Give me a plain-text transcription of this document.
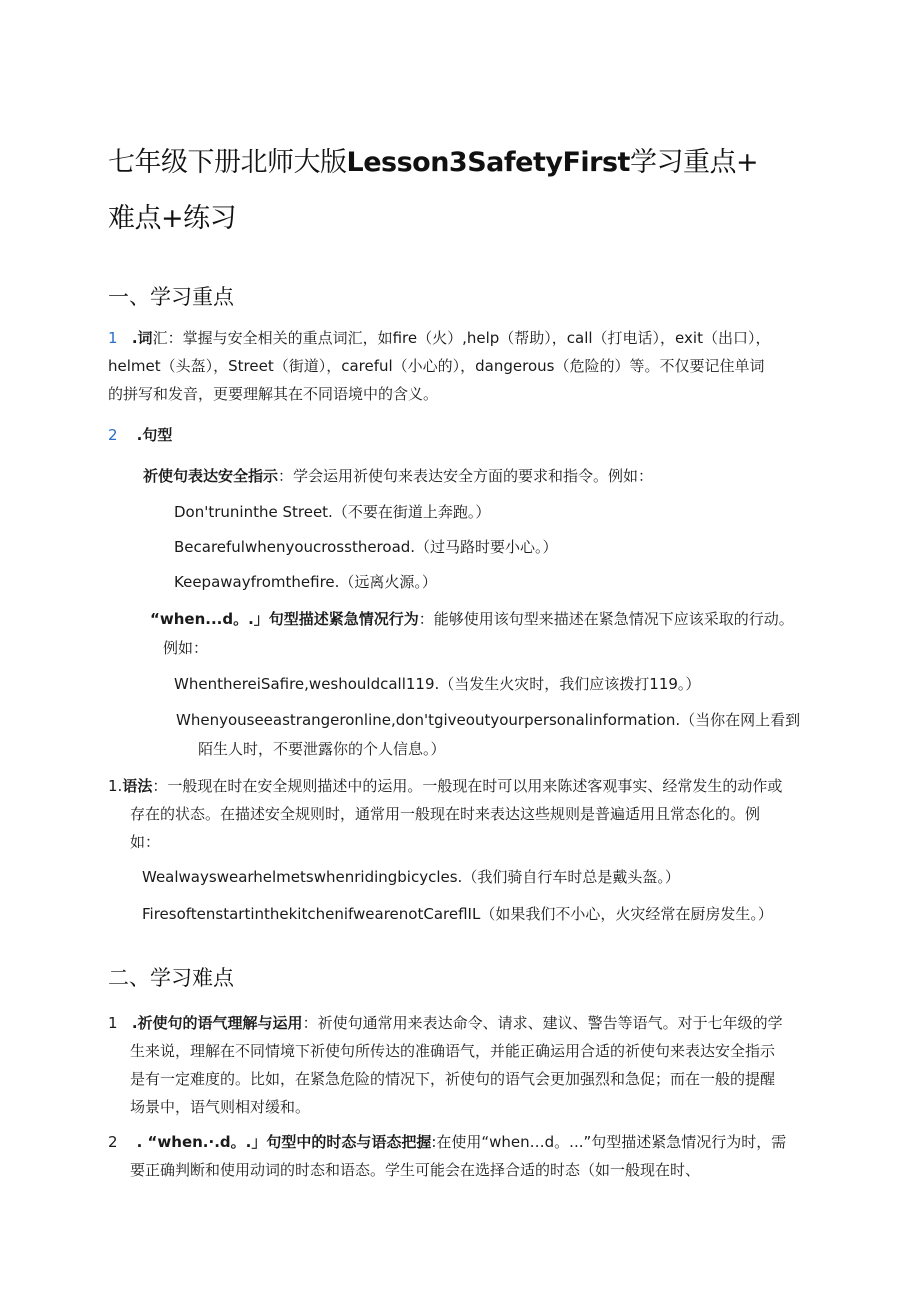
七年级下册北师大版Lesson3SafetyFirst学习重点+
难点+练习
一、学习重点
1 .词汇：掌握与安全相关的重点词汇，如fire（火）,help（帮助），call（打电话），exit（出口），
helmet（头盔），Street（街道），careful（小心的），dangerous（危险的）等。不仅要记住单词
的拼写和发音，更要理解其在不同语境中的含义。
2 .句型
祈使句表达安全指示：学会运用祈使句来表达安全方面的要求和指令。例如：
Don'truninthe Street.（不要在街道上奔跑。）
Becarefulwhenyoucrosstheroad.（过马路时要小心。）
Keepawayfromthefire.（远离火源。）
“when...d。.」句型描述紧急情况行为：能够使用该句型来描述在紧急情况下应该采取的行动。
例如：
WhenthereiSafire,weshouldcall119.（当发生火灾时，我们应该拨打119。）
Whenyouseeastrangeronline,don'tgiveoutyourpersonalinformation.（当你在网上看到
陌生人时，不要泄露你的个人信息。）
1.语法：一般现在时在安全规则描述中的运用。一般现在时可以用来陈述客观事实、经常发生的动作或
存在的状态。在描述安全规则时，通常用一般现在时来表达这些规则是普遍适用且常态化的。例
如：
Wealwayswearhelmetswhenridingbicycles.（我们骑自行车时总是戴头盔。）
FiresoftenstartinthekitchenifwearenotCareflIL（如果我们不小心，火灾经常在厨房发生。）
二、学习难点
1 .祈使句的语气理解与运用：祈使句通常用来表达命令、请求、建议、警告等语气。对于七年级的学
生来说，理解在不同情境下祈使句所传达的准确语气，并能正确运用合适的祈使句来表达安全指示
是有一定难度的。比如，在紧急危险的情况下，祈使句的语气会更加强烈和急促；而在一般的提醒
场景中，语气则相对缓和。
2 . “when.·.d。.」句型中的时态与语态把握:在使用“when…d。...”句型描述紧急情况行为时，需
要正确判断和使用动词的时态和语态。学生可能会在选择合适的时态（如一般现在时、
